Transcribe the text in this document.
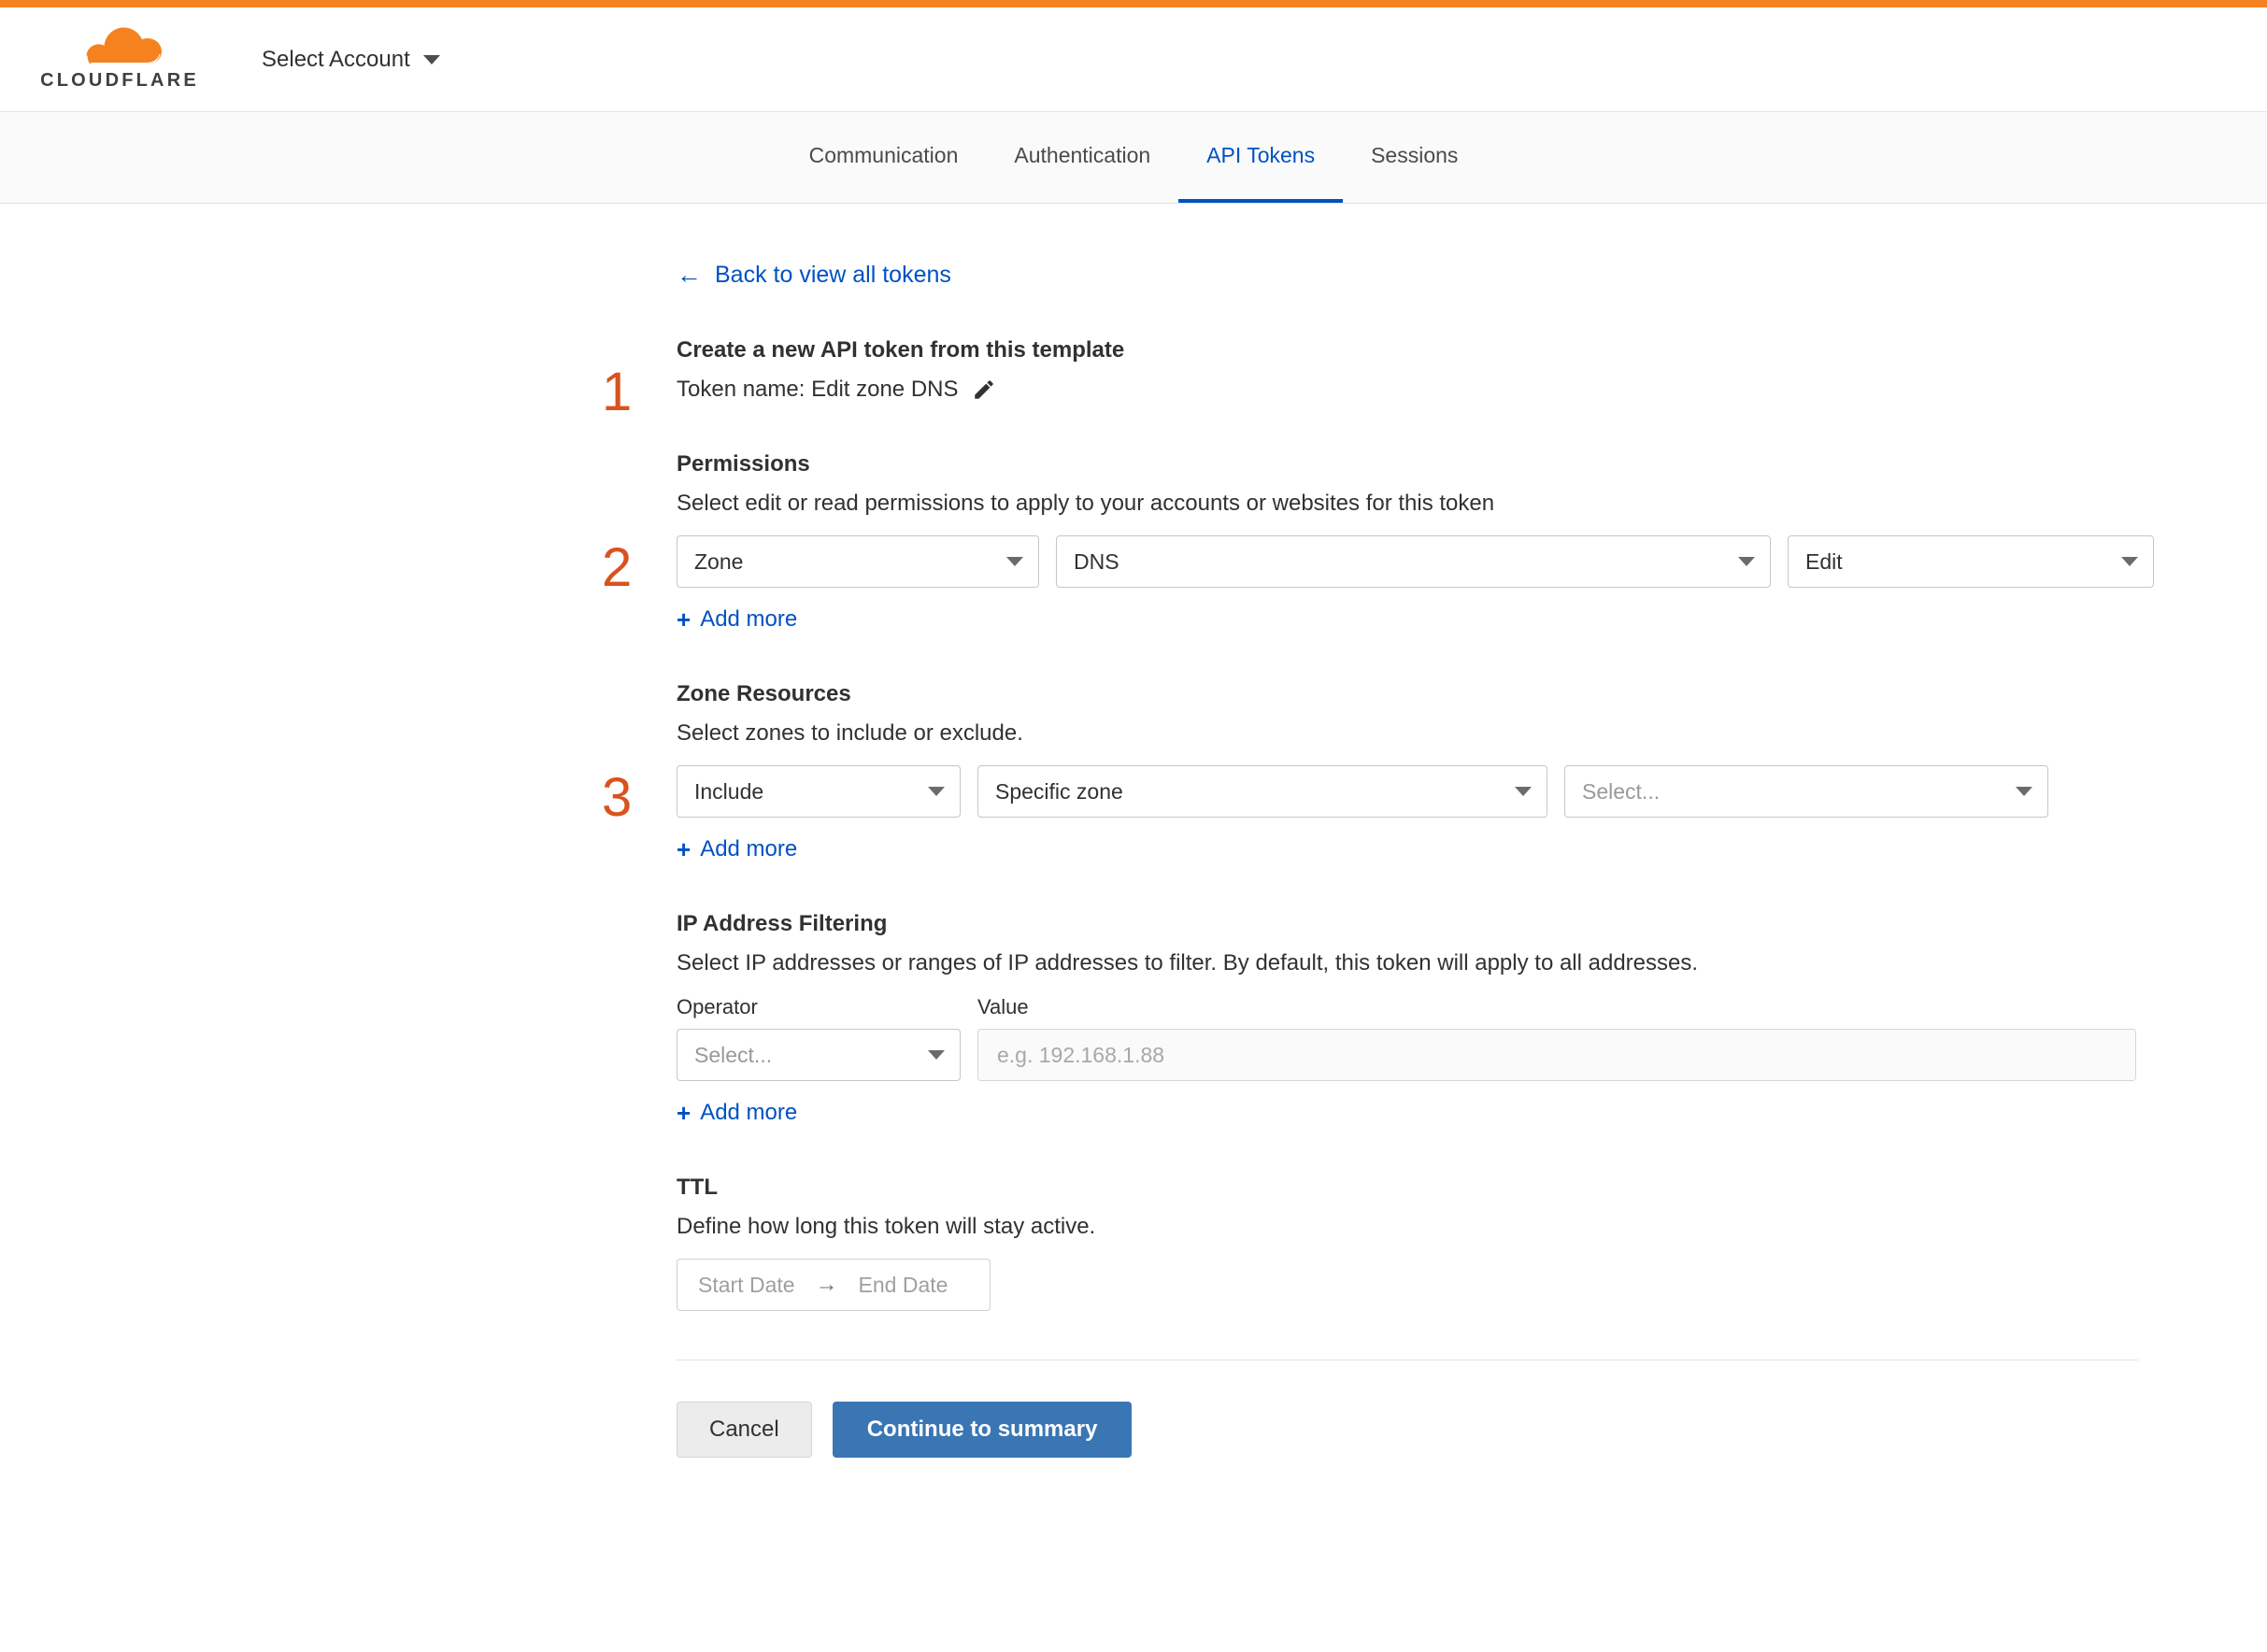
CLOUDFLARE
Select Account
Communication	Authentication	API Tokens	Sessions
← Back to view all tokens
1
Create a new API token from this template
Token name: Edit zone DNS
2
Permissions
Select edit or read permissions to apply to your accounts or websites for this token
Zone	DNS	Edit
+ Add more
3
Zone Resources
Select zones to include or exclude.
Include	Specific zone	Select...
+ Add more
IP Address Filtering
Select IP addresses or ranges of IP addresses to filter. By default, this token will apply to all addresses.
Operator
Select...
Value
e.g. 192.168.1.88
+ Add more
TTL
Define how long this token will stay active.
Start Date → End Date
Cancel	Continue to summary
